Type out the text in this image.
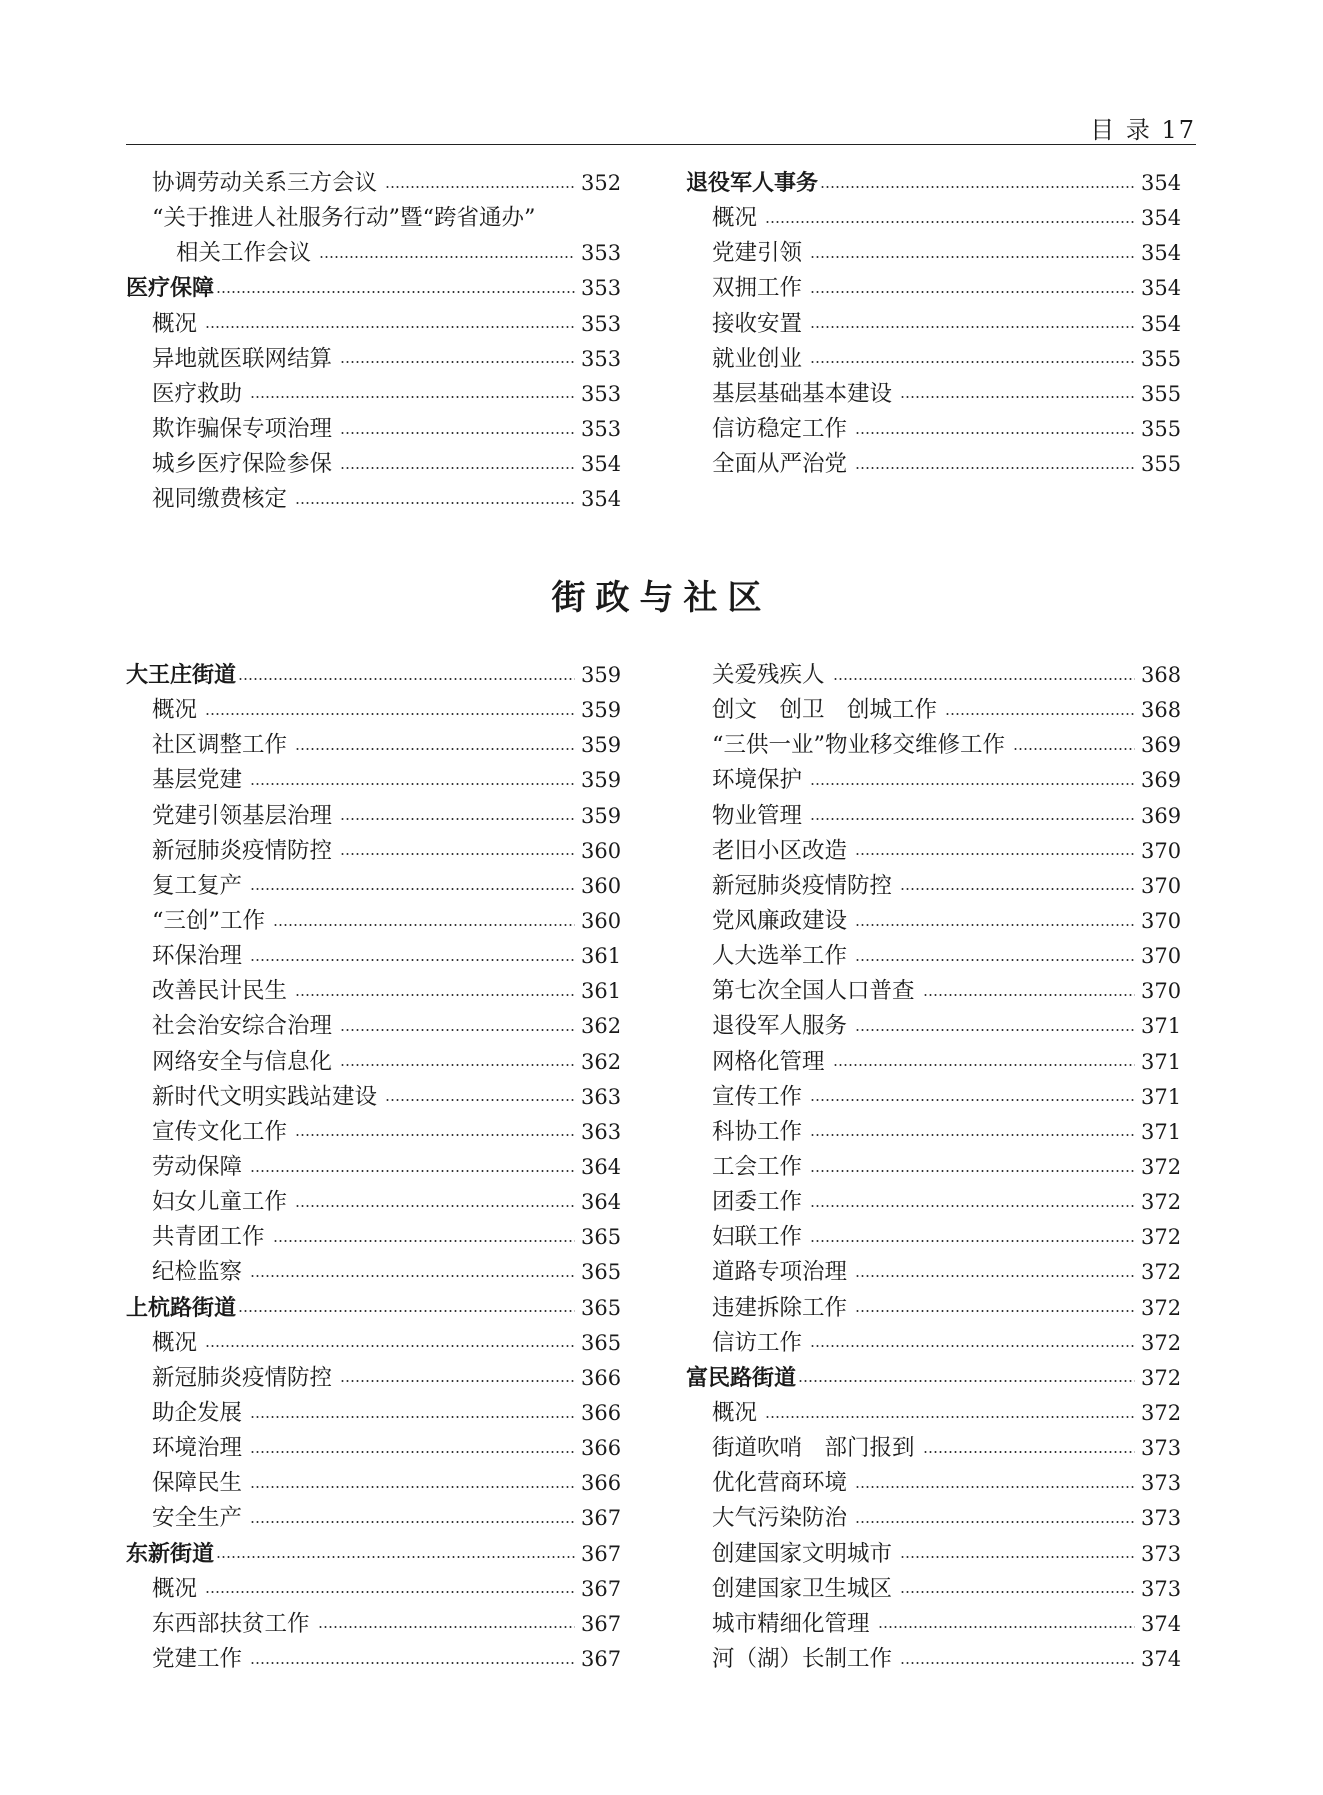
目 录 17
协调劳动关系三方会议	352
“关于推进人社服务行动”暨“跨省通办”
相关工作会议	353
医疗保障	353
概况	353
异地就医联网结算	353
医疗救助	353
欺诈骗保专项治理	353
城乡医疗保险参保	354
视同缴费核定	354
退役军人事务	354
概况	354
党建引领	354
双拥工作	354
接收安置	354
就业创业	355
基层基础基本建设	355
信访稳定工作	355
全面从严治党	355
街政与社区
大王庄街道	359
概况	359
社区调整工作	359
基层党建	359
党建引领基层治理	359
新冠肺炎疫情防控	360
复工复产	360
“三创”工作	360
环保治理	361
改善民计民生	361
社会治安综合治理	362
网络安全与信息化	362
新时代文明实践站建设	363
宣传文化工作	363
劳动保障	364
妇女儿童工作	364
共青团工作	365
纪检监察	365
上杭路街道	365
概况	365
新冠肺炎疫情防控	366
助企发展	366
环境治理	366
保障民生	366
安全生产	367
东新街道	367
概况	367
东西部扶贫工作	367
党建工作	367
关爱残疾人	368
创文　创卫　创城工作	368
“三供一业”物业移交维修工作	369
环境保护	369
物业管理	369
老旧小区改造	370
新冠肺炎疫情防控	370
党风廉政建设	370
人大选举工作	370
第七次全国人口普查	370
退役军人服务	371
网格化管理	371
宣传工作	371
科协工作	371
工会工作	372
团委工作	372
妇联工作	372
道路专项治理	372
违建拆除工作	372
信访工作	372
富民路街道	372
概况	372
街道吹哨　部门报到	373
优化营商环境	373
大气污染防治	373
创建国家文明城市	373
创建国家卫生城区	373
城市精细化管理	374
河（湖）长制工作	374
